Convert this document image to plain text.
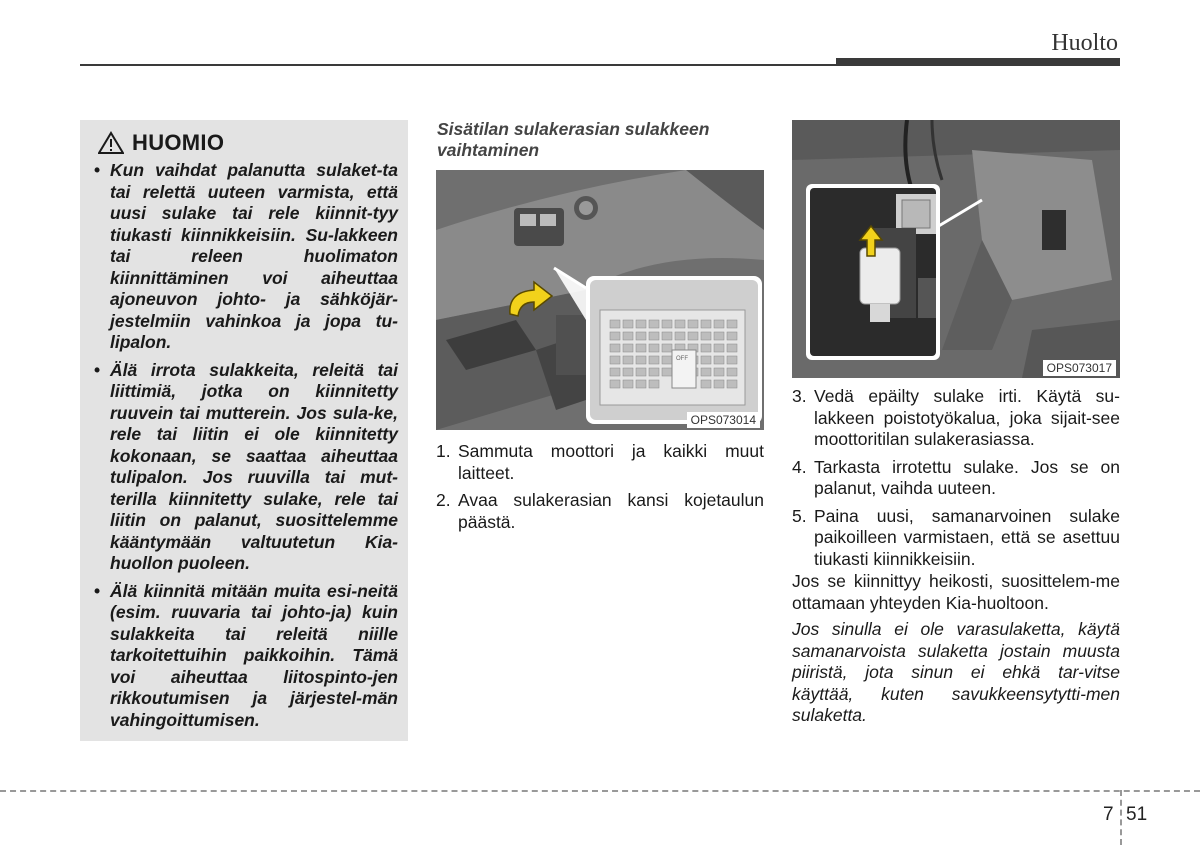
Huolto
HUOMIO
• Kun vaihdat palanutta sulaket-ta tai relettä uuteen varmista, että uusi sulake tai rele kiinnit-tyy tiukasti kiinnikkeisiin. Su-lakkeen tai releen huolimaton kiinnittäminen voi aiheuttaa ajoneuvon johto- ja sähköjär-jestelmiin vahinkoa ja jopa tu-lipalon.
• Älä irrota sulakkeita, releitä tai liittimiä, jotka on kiinnitetty ruuvein tai mutterein. Jos sula-ke, rele tai liitin ei ole kiinnitetty kokonaan, se saattaa aiheuttaa tulipalon. Jos ruuvilla tai mut-terilla kiinnitetty sulake, rele tai liitin on palanut, suosittelemme kääntymään valtuutetun Kia-huollon puoleen.
• Älä kiinnitä mitään muita esi-neitä (esim. ruuvaria tai johto-ja) kuin sulakkeita tai releitä niille tarkoitettuihin paikkoihin. Tämä voi aiheuttaa liitospinto-jen rikkoutumisen ja järjestel-män vahingoittumisen.
Sisätilan sulakerasian sulakkeen vaihtaminen
OFF
OPS073014
1. Sammuta moottori ja kaikki muut laitteet.
2. Avaa sulakerasian kansi kojetaulun päästä.
OPS073017
3. Vedä epäilty sulake irti. Käytä su-lakkeen poistotyökalua, joka sijait-see moottoritilan sulakerasiassa.
4. Tarkasta irrotettu sulake. Jos se on palanut, vaihda uuteen.
5. Paina uusi, samanarvoinen sulake paikoilleen varmistaen, että se asettuu tiukasti kiinnikkeisiin.
Jos se kiinnittyy heikosti, suosittelem-me ottamaan yhteyden Kia-huoltoon.
Jos sinulla ei ole varasulaketta, käytä samanarvoista sulaketta jostain muusta piiristä, jota sinun ei ehkä tar-vitse käyttää, kuten savukkeensytytti-men sulaketta.
7 51
